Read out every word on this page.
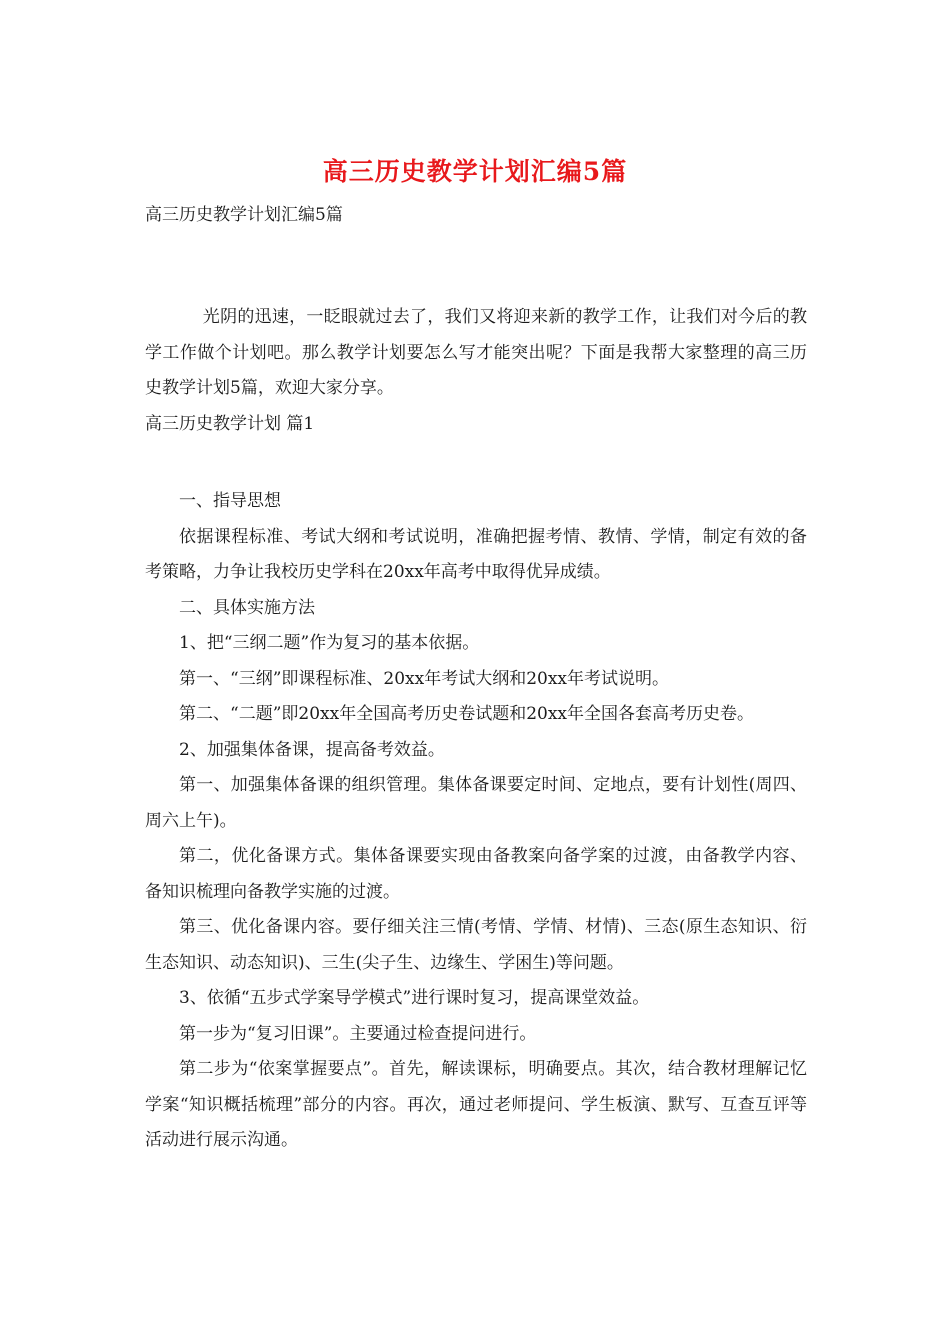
高三历史教学计划汇编5篇

高三历史教学计划汇编5篇

光阴的迅速，一眨眼就过去了，我们又将迎来新的教学工作，让我们对今后的教学工作做个计划吧。那么教学计划要怎么写才能突出呢？下面是我帮大家整理的高三历史教学计划5篇，欢迎大家分享。

高三历史教学计划 篇1

一、指导思想

依据课程标准、考试大纲和考试说明，准确把握考情、教情、学情，制定有效的备考策略，力争让我校历史学科在20xx年高考中取得优异成绩。

二、具体实施方法

1、把“三纲二题”作为复习的基本依据。

第一、“三纲”即课程标准、20xx年考试大纲和20xx年考试说明。

第二、“二题”即20xx年全国高考历史卷试题和20xx年全国各套高考历史卷。

2、加强集体备课，提高备考效益。

第一、加强集体备课的组织管理。集体备课要定时间、定地点，要有计划性(周四、周六上午)。

第二，优化备课方式。集体备课要实现由备教案向备学案的过渡，由备教学内容、备知识梳理向备教学实施的过渡。

第三、优化备课内容。要仔细关注三情(考情、学情、材情)、三态(原生态知识、衍生态知识、动态知识)、三生(尖子生、边缘生、学困生)等问题。

3、依循“五步式学案导学模式”进行课时复习，提高课堂效益。

第一步为“复习旧课”。主要通过检查提问进行。

第二步为“依案掌握要点”。首先，解读课标，明确要点。其次，结合教材理解记忆学案“知识概括梳理”部分的内容。再次，通过老师提问、学生板演、默写、互查互评等活动进行展示沟通。
